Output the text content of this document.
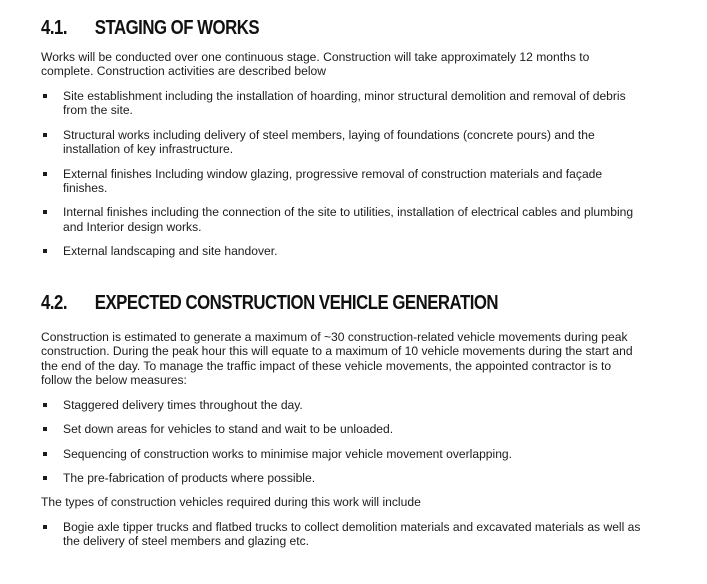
4.1. STAGING OF WORKS

Works will be conducted over one continuous stage. Construction will take approximately 12 months to complete. Construction activities are described below

Site establishment including the installation of hoarding, minor structural demolition and removal of debris from the site.
Structural works including delivery of steel members, laying of foundations (concrete pours) and the installation of key infrastructure.
External finishes Including window glazing, progressive removal of construction materials and façade finishes.
Internal finishes including the connection of the site to utilities, installation of electrical cables and plumbing and Interior design works.
External landscaping and site handover.
4.2. EXPECTED CONSTRUCTION VEHICLE GENERATION

Construction is estimated to generate a maximum of ~30 construction-related vehicle movements during peak construction. During the peak hour this will equate to a maximum of 10 vehicle movements during the start and the end of the day. To manage the traffic impact of these vehicle movements, the appointed contractor is to follow the below measures:

Staggered delivery times throughout the day.
Set down areas for vehicles to stand and wait to be unloaded.
Sequencing of construction works to minimise major vehicle movement overlapping.
The pre-fabrication of products where possible.

The types of construction vehicles required during this work will include

Bogie axle tipper trucks and flatbed trucks to collect demolition materials and excavated materials as well as the delivery of steel members and glazing etc.
